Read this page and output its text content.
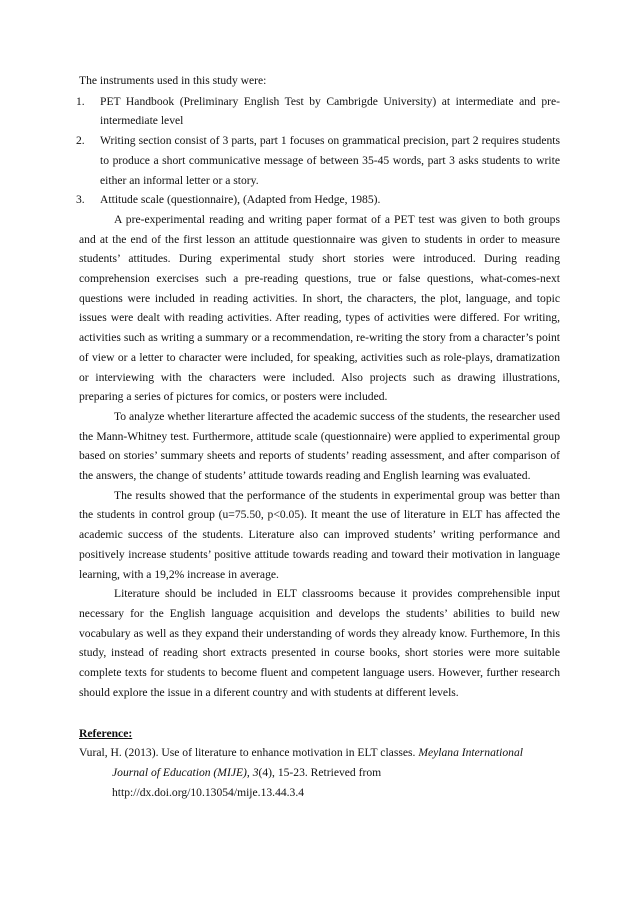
The instruments used in this study were:
1. PET Handbook (Preliminary English Test by Cambrigde University) at intermediate and pre-intermediate level
2. Writing section consist of 3 parts, part 1 focuses on grammatical precision, part 2 requires students to produce a short communicative message of between 35-45 words, part 3 asks students to write either an informal letter or a story.
3. Attitude scale (questionnaire), (Adapted from Hedge, 1985).

A pre-experimental reading and writing paper format of a PET test was given to both groups and at the end of the first lesson an attitude questionnaire was given to students in order to measure students’ attitudes. During experimental study short stories were introduced. During reading comprehension exercises such a pre-reading questions, true or false questions, what-comes-next questions were included in reading activities. In short, the characters, the plot, language, and topic issues were dealt with reading activities. After reading, types of activities were differed. For writing, activities such as writing a summary or a recommendation, re-writing the story from a character’s point of view or a letter to character were included, for speaking, activities such as role-plays, dramatization or interviewing with the characters were included. Also projects such as drawing illustrations, preparing a series of pictures for comics, or posters were included.

To analyze whether literarture affected the academic success of the students, the researcher used the Mann-Whitney test. Furthermore, attitude scale (questionnaire) were applied to experimental group based on stories’ summary sheets and reports of students’ reading assessment, and after comparison of the answers, the change of students’ attitude towards reading and English learning was evaluated.

The results showed that the performance of the students in experimental group was better than the students in control group (u=75.50, p<0.05). It meant the use of literature in ELT has affected the academic success of the students. Literature also can improved students’ writing performance and positively increase students’ positive attitude towards reading and toward their motivation in language learning, with a 19,2% increase in average.

Literature should be included in ELT classrooms because it provides comprehensible input necessary for the English language acquisition and develops the students’ abilities to build new vocabulary as well as they expand their understanding of words they already know. Furthemore, In this study, instead of reading short extracts presented in course books, short stories were more suitable complete texts for students to become fluent and competent language users. However, further research should explore the issue in a diferent country and with students at different levels.

Reference:
Vural, H. (2013). Use of literature to enhance motivation in ELT classes. Meylana International Journal of Education (MIJE), 3(4), 15-23. Retrieved from http://dx.doi.org/10.13054/mije.13.44.3.4
